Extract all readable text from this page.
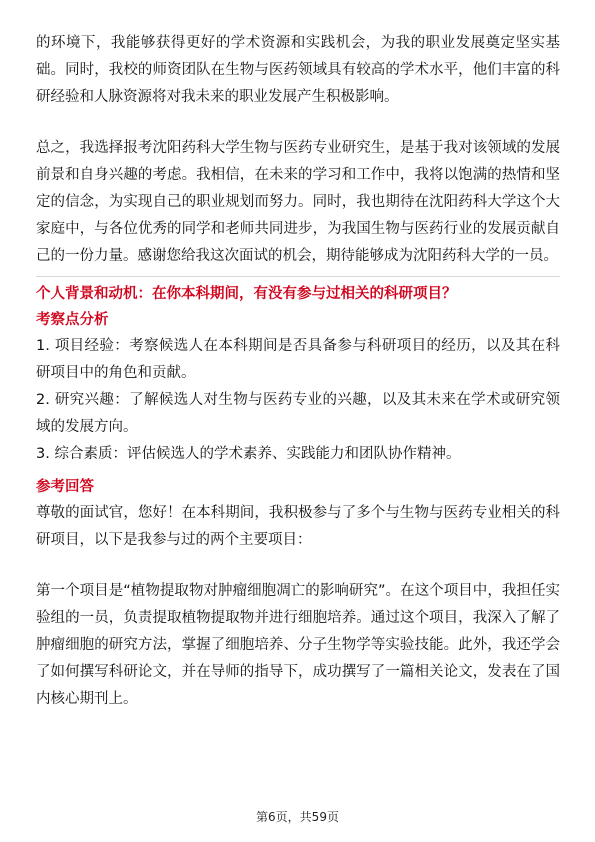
的环境下，我能够获得更好的学术资源和实践机会，为我的职业发展奠定坚实基础。同时，我校的师资团队在生物与医药领域具有较高的学术水平，他们丰富的科研经验和人脉资源将对我未来的职业发展产生积极影响。

总之，我选择报考沈阳药科大学生物与医药专业研究生，是基于我对该领域的发展前景和自身兴趣的考虑。我相信，在未来的学习和工作中，我将以饱满的热情和坚定的信念，为实现自己的职业规划而努力。同时，我也期待在沈阳药科大学这个大家庭中，与各位优秀的同学和老师共同进步，为我国生物与医药行业的发展贡献自己的一份力量。感谢您给我这次面试的机会，期待能够成为沈阳药科大学的一员。

个人背景和动机：在你本科期间，有没有参与过相关的科研项目？
考察点分析

1. 项目经验：考察候选人在本科期间是否具备参与科研项目的经历，以及其在科研项目中的角色和贡献。

2. 研究兴趣：了解候选人对生物与医药专业的兴趣，以及其未来在学术或研究领域的发展方向。

3. 综合素质：评估候选人的学术素养、实践能力和团队协作精神。

参考回答

尊敬的面试官，您好！在本科期间，我积极参与了多个与生物与医药专业相关的科研项目，以下是我参与过的两个主要项目：

第一个项目是“植物提取物对肿瘤细胞凋亡的影响研究”。在这个项目中，我担任实验组的一员，负责提取植物提取物并进行细胞培养。通过这个项目，我深入了解了肿瘤细胞的研究方法，掌握了细胞培养、分子生物学等实验技能。此外，我还学会了如何撰写科研论文，并在导师的指导下，成功撰写了一篇相关论文，发表在了国内核心期刊上。

第6页，共59页
